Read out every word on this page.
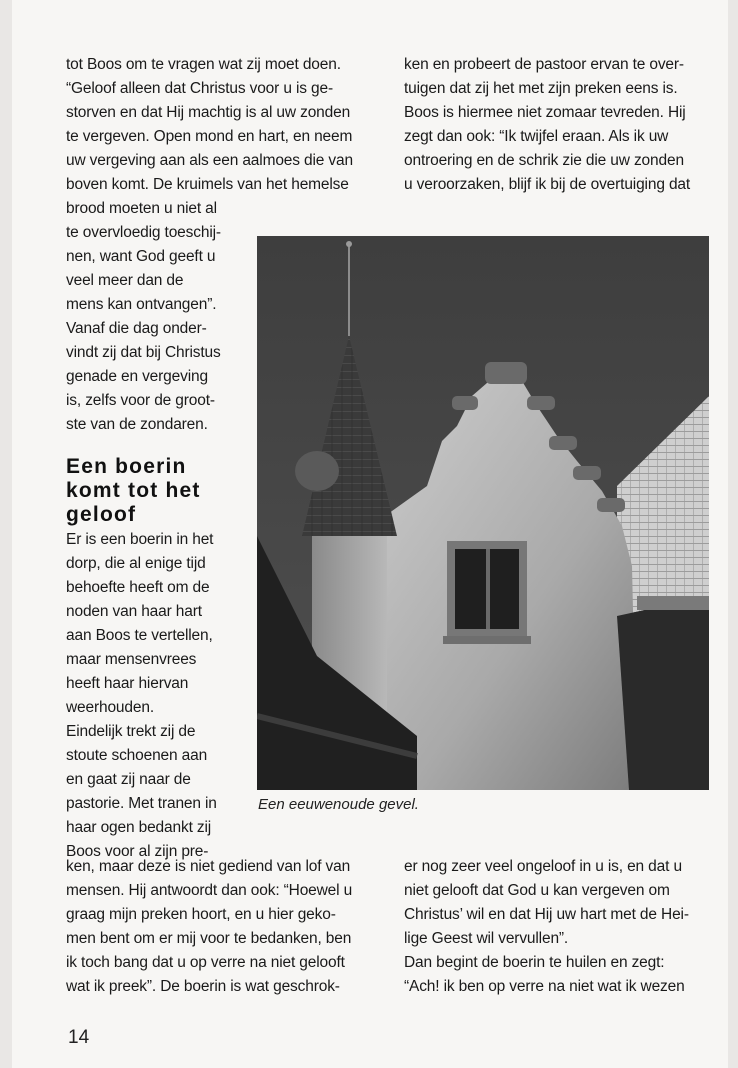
tot Boos om te vragen wat zij moet doen.
“Geloof alleen dat Christus voor u is ge-
storven en dat Hij machtig is al uw zonden
te vergeven. Open mond en hart, en neem
uw vergeving aan als een aalmoes die van
boven komt. De kruimels van het hemelse
brood moeten u niet al
te overvloedig toeschij-
nen, want God geeft u
veel meer dan de
mens kan ontvangen”.
Vanaf die dag onder-
vindt zij dat bij Christus
genade en vergeving
is, zelfs voor de groot-
ste van de zondaren.
Een boerin
komt tot het
geloof
Er is een boerin in het
dorp, die al enige tijd
behoefte heeft om de
noden van haar hart
aan Boos te vertellen,
maar mensenvrees
heeft haar hiervan
weerhouden.
Eindelijk trekt zij de
stoute schoenen aan
en gaat zij naar de
pastorie. Met tranen in
haar ogen bedankt zij
Boos voor al zijn pre-
ken, maar deze is niet gediend van lof van
mensen. Hij antwoordt dan ook: “Hoewel u
graag mijn preken hoort, en u hier geko-
men bent om er mij voor te bedanken, ben
ik toch bang dat u op verre na niet gelooft
wat ik preek”. De boerin is wat geschrok-
ken en probeert de pastoor ervan te over-
tuigen dat zij het met zijn preken eens is.
Boos is hiermee niet zomaar tevreden. Hij
zegt dan ook: “Ik twijfel eraan. Als ik uw
ontroering en de schrik zie die uw zonden
u veroorzaken, blijf ik bij de overtuiging dat
Een eeuwenoude gevel.
er nog zeer veel ongeloof in u is, en dat u
niet gelooft dat God u kan vergeven om
Christus’ wil en dat Hij uw hart met de Hei-
lige Geest wil vervullen”.
Dan begint de boerin te huilen en zegt:
“Ach! ik ben op verre na niet wat ik wezen
14
